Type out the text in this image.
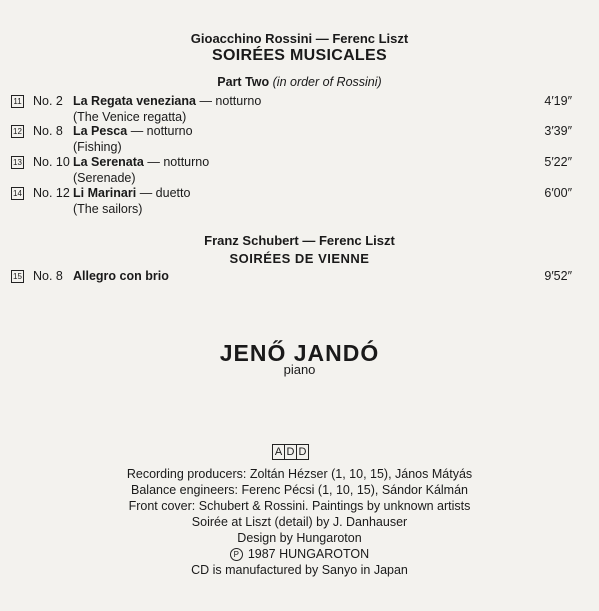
Gioacchino Rossini — Ferenc Liszt
SOIRÉES MUSICALES
Part Two (in order of Rossini)
11 No. 2 La Regata veneziana — notturno
(The Venice regatta)
4′19″
12 No. 8 La Pesca — notturno
(Fishing)
3′39″
13 No. 10 La Serenata — notturno
(Serenade)
5′22″
14 No. 12 Li Marinari — duetto
(The sailors)
6′00″
Franz Schubert — Ferenc Liszt
SOIRÉES DE VIENNE
15 No. 8 Allegro con brio	9′52″
JENŐ JANDÓ
piano
A D D
Recording producers: Zoltán Hézser (1, 10, 15), János Mátyás
Balance engineers: Ferenc Pécsi (1, 10, 15), Sándor Kálmán
Front cover: Schubert & Rossini. Paintings by unknown artists
Soirée at Liszt (detail) by J. Danhauser
Design by Hungaroton
P 1987 HUNGAROTON
CD is manufactured by Sanyo in Japan
